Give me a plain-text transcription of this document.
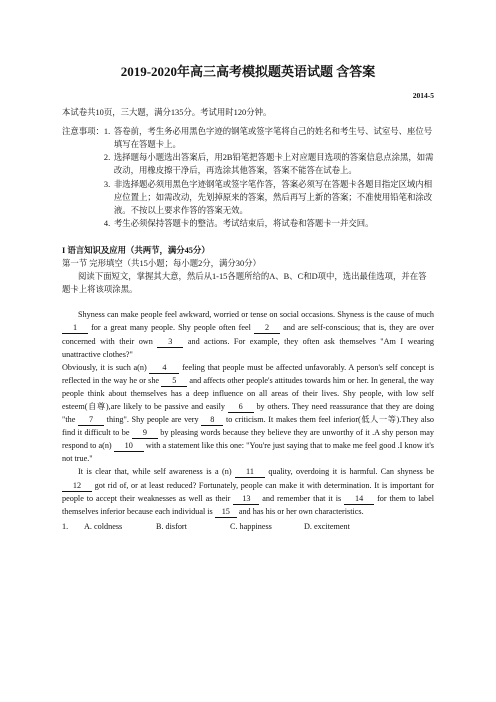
2019-2020年高三高考模拟题英语试题 含答案
2014-5
本试卷共10页，三大题，满分135分。考试用时120分钟。
注意事项： 1. 答卷前，考生务必用黑色字迹的钢笔或签字笔将自己的姓名和考生号、试室号、座位号填写在答题卡上。
2. 选择题每小题选出答案后，用2B铅笔把答题卡上对应题目选项的答案信息点涂黑，如需改动，用橡皮擦干净后，再选涂其他答案，答案不能答在试卷上。
3. 非选择题必须用黑色字迹钢笔或签字笔作答，答案必须写在答题卡各题目指定区域内相应位置上；如需改动，先划掉原来的答案，然后再写上新的答案；不准使用铅笔和涂改液。不按以上要求作答的答案无效。
4. 考生必须保持答题卡的整洁。考试结束后，将试卷和答题卡一并交回。
I 语言知识及应用（共两节，满分45分）
第一节 完形填空（共15小题；每小题2分，满分30分）
阅读下面短文，掌握其大意，然后从1-15各题所给的A、B、C和D项中，选出最佳选项，并在答题卡上将该项涂黑。

Shyness can make people feel awkward, worried or tense on social occasions. Shyness is the cause of much 1 for a great many people. Shy people often feel 2 and are self-conscious; that is, they are over concerned with their own 3 and actions. For example, they often ask themselves "Am I wearing unattractive clothes?"

Obviously, it is such a(n) 4 feeling that people must be affected unfavorably. A person's self concept is reflected in the way he or she 5 and affects other people's attitudes towards him or her. In general, the way people think about themselves has a deep influence on all areas of their lives. Shy people, with low self esteem(自尊),are likely to be passive and easily 6 by others. They need reassurance that they are doing "the 7 thing". Shy people are very 8 to criticism. It makes them feel inferior(低人一等).They also find it difficult to be 9 by pleasing words because they believe they are unworthy of it .A shy person may respond to a(n) 10 with a statement like this one: "You're just saying that to make me feel good .I know it's not true."

It is clear that, while self awareness is a (n) 11 quality, overdoing it is harmful. Can shyness be 12 got rid of, or at least reduced? Fortunately, people can make it with determination. It is important for people to accept their weaknesses as well as their 13 and remember that it is 14 for them to label themselves inferior because each individual is 15 and has his or her own characteristics.

1.	A. coldness	B. disfort	C. happiness	D. excitement
